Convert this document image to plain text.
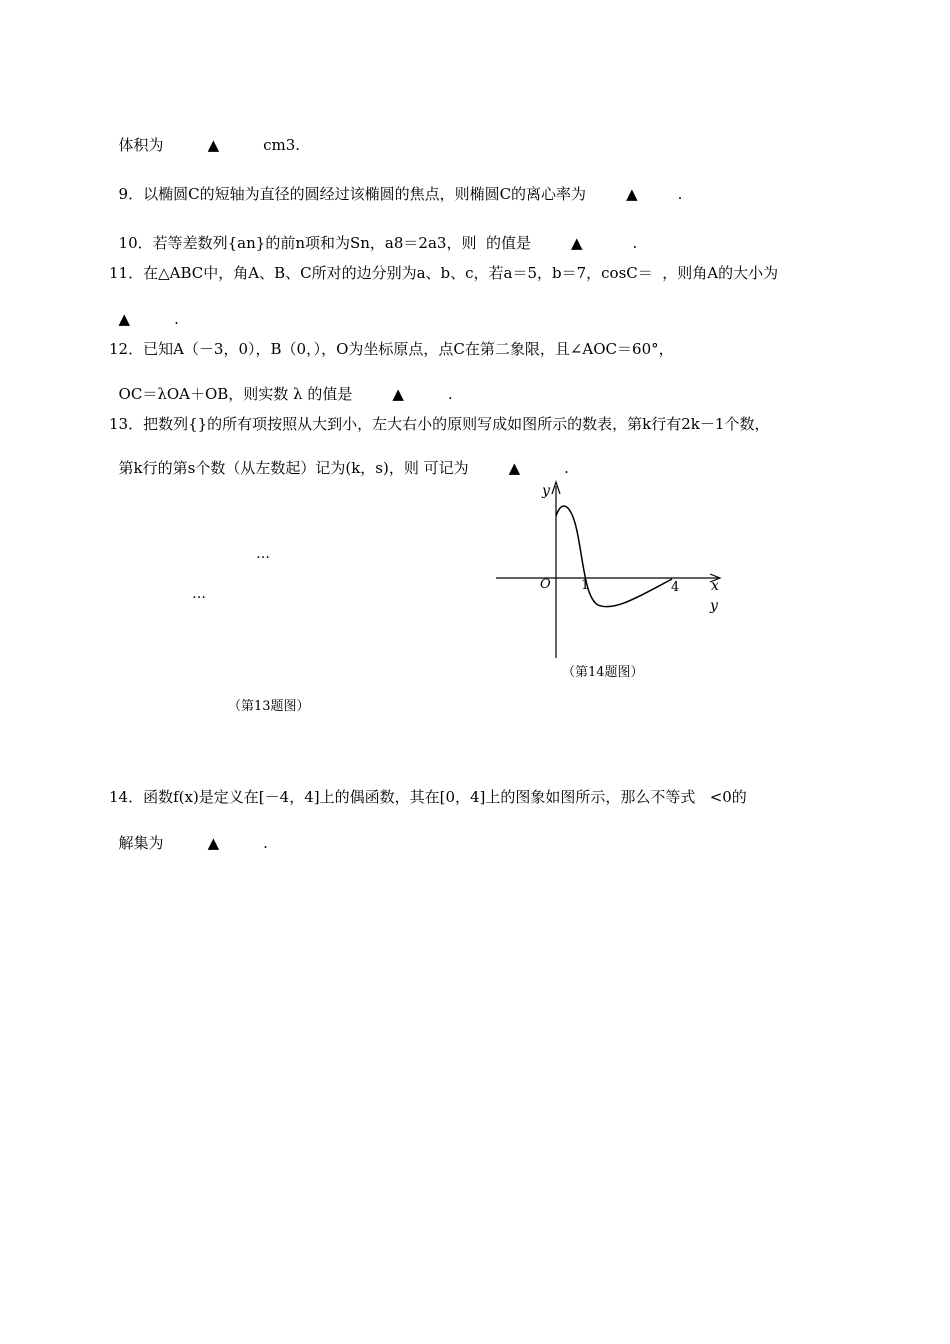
体积为	▲	cm3.

9．以椭圆C的短轴为直径的圆经过该椭圆的焦点，则椭圆C的离心率为	▲	.

10．若等差数列{an}的前n项和为Sn，a8＝2a3，则  的值是	▲	.

11．在△ABC中，角A、B、C所对的边分别为a、b、c，若a＝5，b＝7，cosC＝  ，则角A的大小为

▲	.

12．已知A（－3，0），B（0，），O为坐标原点，点C在第二象限，且∠AOC＝60°，

OC＝λOA＋OB，则实数 λ 的值是	▲	.

13．把数列{}的所有项按照从大到小，左大右小的原则写成如图所示的数表，第k行有2k－1个数，

第k行的第s个数（从左数起）记为(k，s)，则 可记为	▲	.

…
…
（第13题图）
y
x
y
O 1	4
（第14题图）
14．函数f(x)是定义在[－4，4]上的偶函数，其在[0，4]上的图象如图所示，那么不等式   <0的

解集为	▲	.
